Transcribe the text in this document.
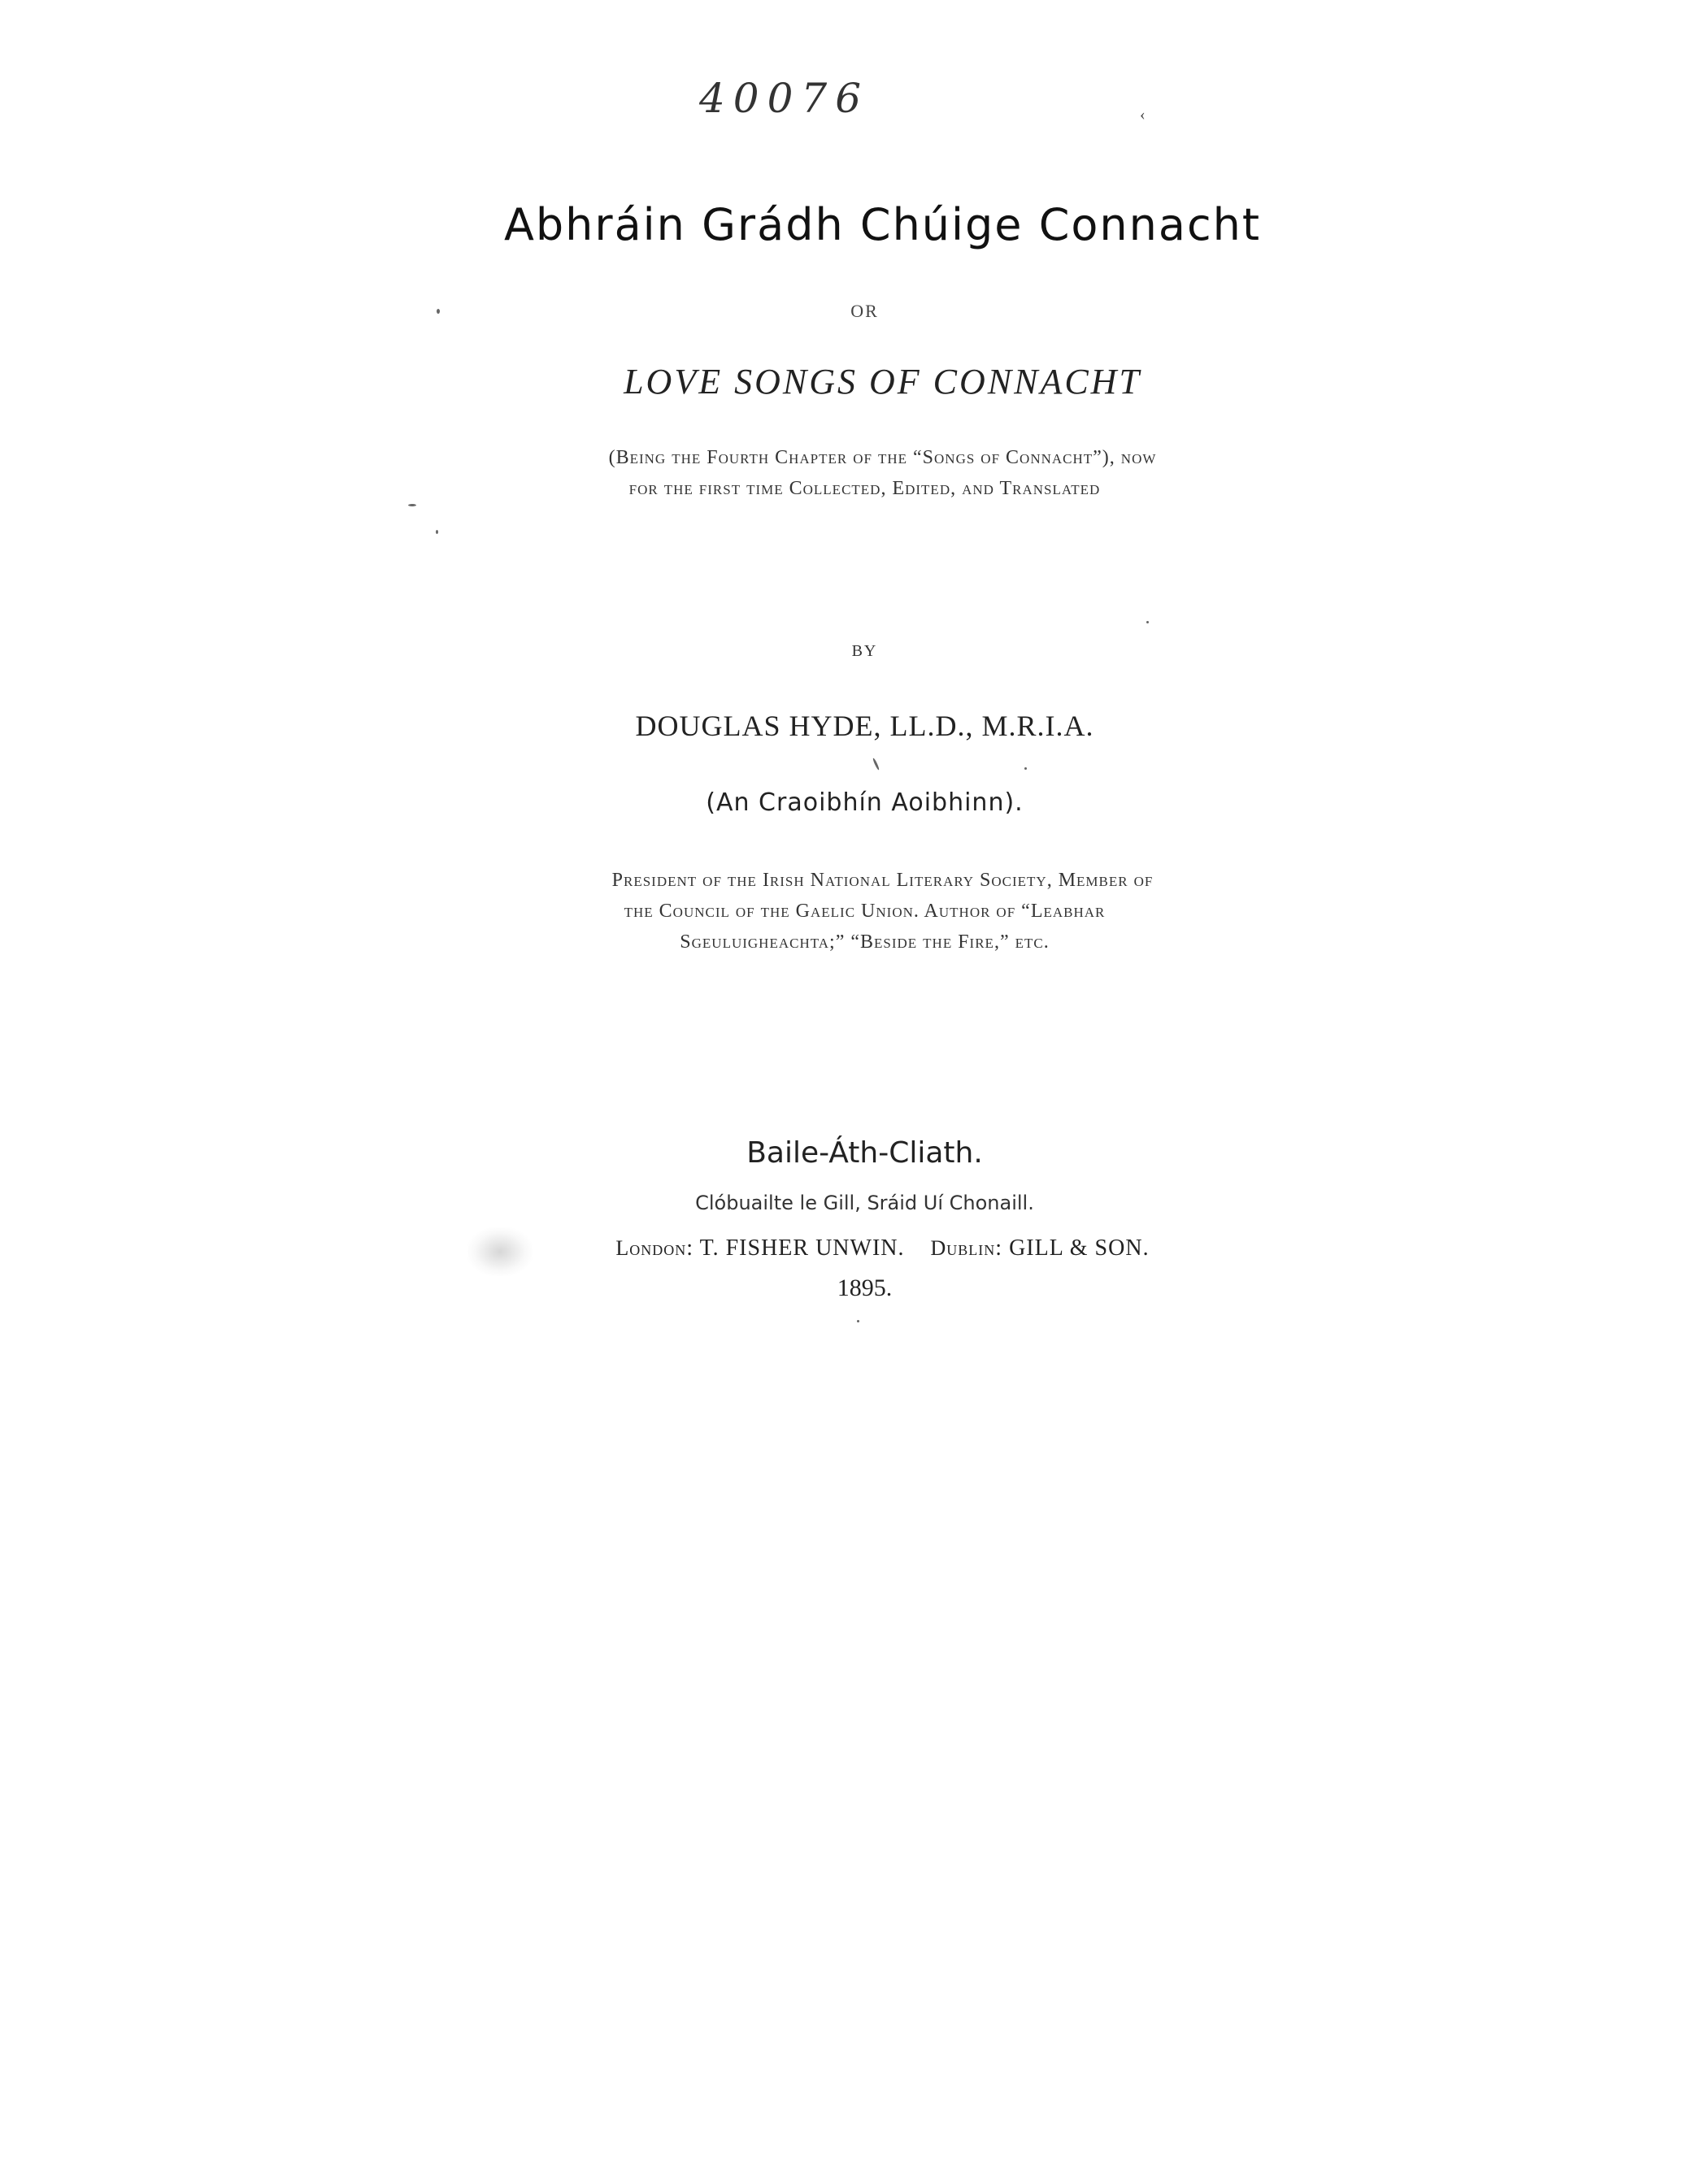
40076	‹
Abhráin Grádh Chúige Connacht
OR
LOVE SONGS OF CONNACHT
(Being the Fourth Chapter of the “Songs of Connacht”), now
for the first time Collected, Edited, and Translated
BY
DOUGLAS HYDE, LL.D., M.R.I.A.
(An Craoibhín Aoibhinn).
President of the Irish National Literary Society, Member of
the Council of the Gaelic Union. Author of “Leabhar
Sgeuluigheachta;” “Beside the Fire,” etc.
Baile-Áth-Cliath.
Clóbuailte le Gill, Sráid Uí Chonaill.
London: T. FISHER UNWIN. Dublin: GILL & SON.
1895.
